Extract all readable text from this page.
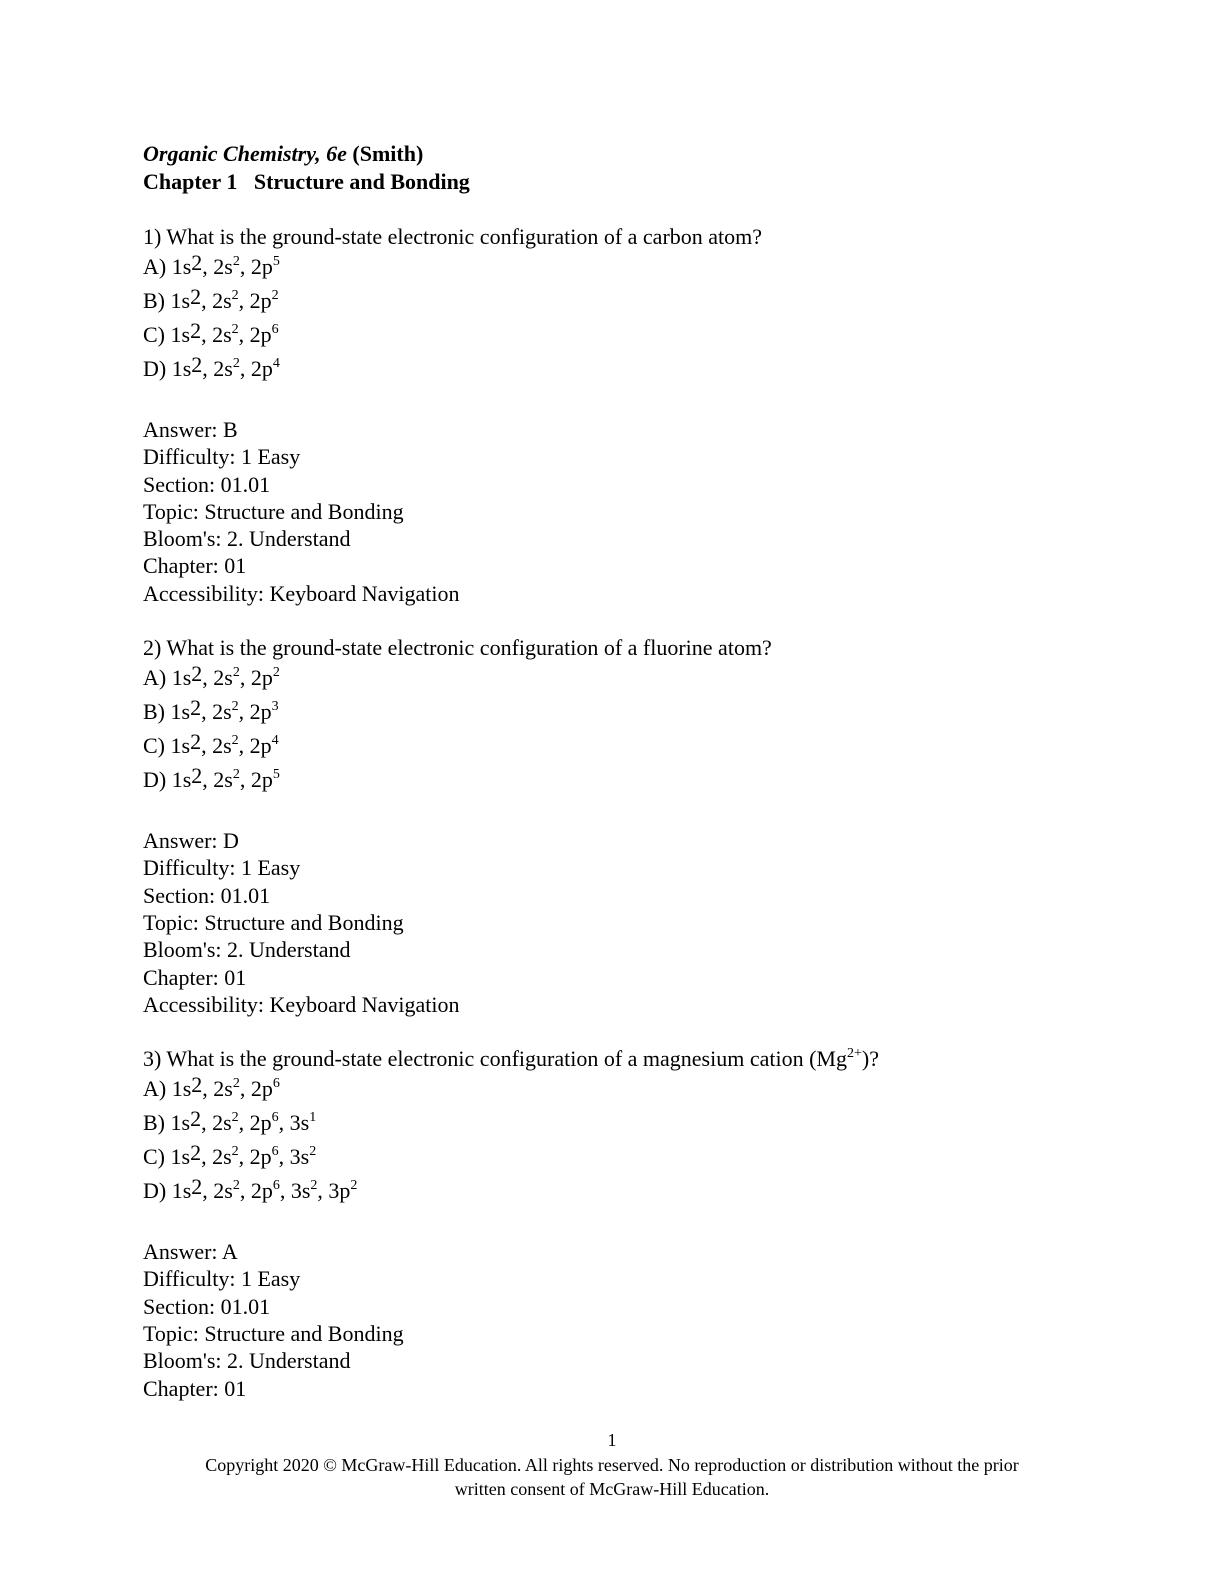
Organic Chemistry, 6e (Smith)
Chapter 1 Structure and Bonding
1) What is the ground-state electronic configuration of a carbon atom?
A) $1s^2$, $2s^2$, $2p^5$
B) $1s^2$, $2s^2$, $2p^2$
C) $1s^2$, $2s^2$, $2p^6$
D) $1s^2$, $2s^2$, $2p^4$
Answer: B
Difficulty: 1 Easy
Section: 01.01
Topic: Structure and Bonding
Bloom's: 2. Understand
Chapter: 01
Accessibility: Keyboard Navigation
2) What is the ground-state electronic configuration of a fluorine atom?
A) $1s^2$, $2s^2$, $2p^2$
B) $1s^2$, $2s^2$, $2p^3$
C) $1s^2$, $2s^2$, $2p^4$
D) $1s^2$, $2s^2$, $2p^5$
Answer: D
Difficulty: 1 Easy
Section: 01.01
Topic: Structure and Bonding
Bloom's: 2. Understand
Chapter: 01
Accessibility: Keyboard Navigation
3) What is the ground-state electronic configuration of a magnesium cation $(Mg^{2+})$?
A) $1s^2$, $2s^2$, $2p^6$
B) $1s^2$, $2s^2$, $2p^6$, $3s^1$
C) $1s^2$, $2s^2$, $2p^6$, $3s^2$
D) $1s^2$, $2s^2$, $2p^6$, $3s^2$, $3p^2$
Answer: A
Difficulty: 1 Easy
Section: 01.01
Topic: Structure and Bonding
Bloom's: 2. Understand
Chapter: 01
1
Copyright 2020 © McGraw-Hill Education. All rights reserved. No reproduction or distribution without the prior
written consent of McGraw-Hill Education.
